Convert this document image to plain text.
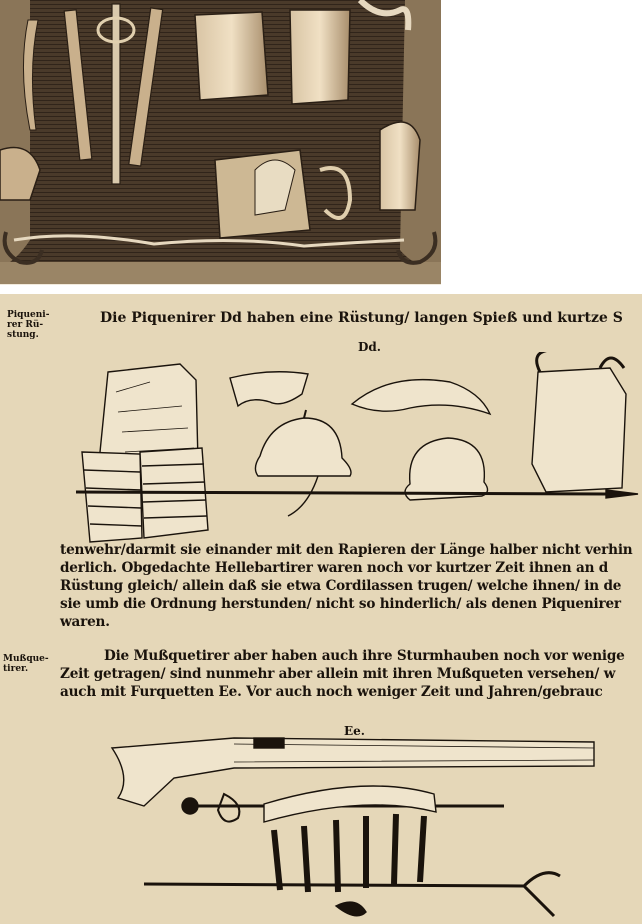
Piqueni-
rer Rü-
stung.
Die Piquenirer Dd haben eine Rüstung/ langen Spieß und kurtze S
Dd.
tenwehr/darmit sie einander mit den Rapieren der Länge halber nicht verhin
derlich. Obgedachte Hellebartirer waren noch vor kurtzer Zeit ihnen an d
Rüstung gleich/ allein daß sie etwa Cordilassen trugen/ welche ihnen/ in de
sie umb die Ordnung herstunden/ nicht so hinderlich/ als denen Piquenirer
waren.
Mußque-
tirer.
Die Mußquetirer aber haben auch ihre Sturmhauben noch vor wenige
Zeit getragen/ sind nunmehr aber allein mit ihren Mußqueten versehen/ w
auch mit Furquetten Ee. Vor auch noch weniger Zeit und Jahren/gebrauc
Ee.
